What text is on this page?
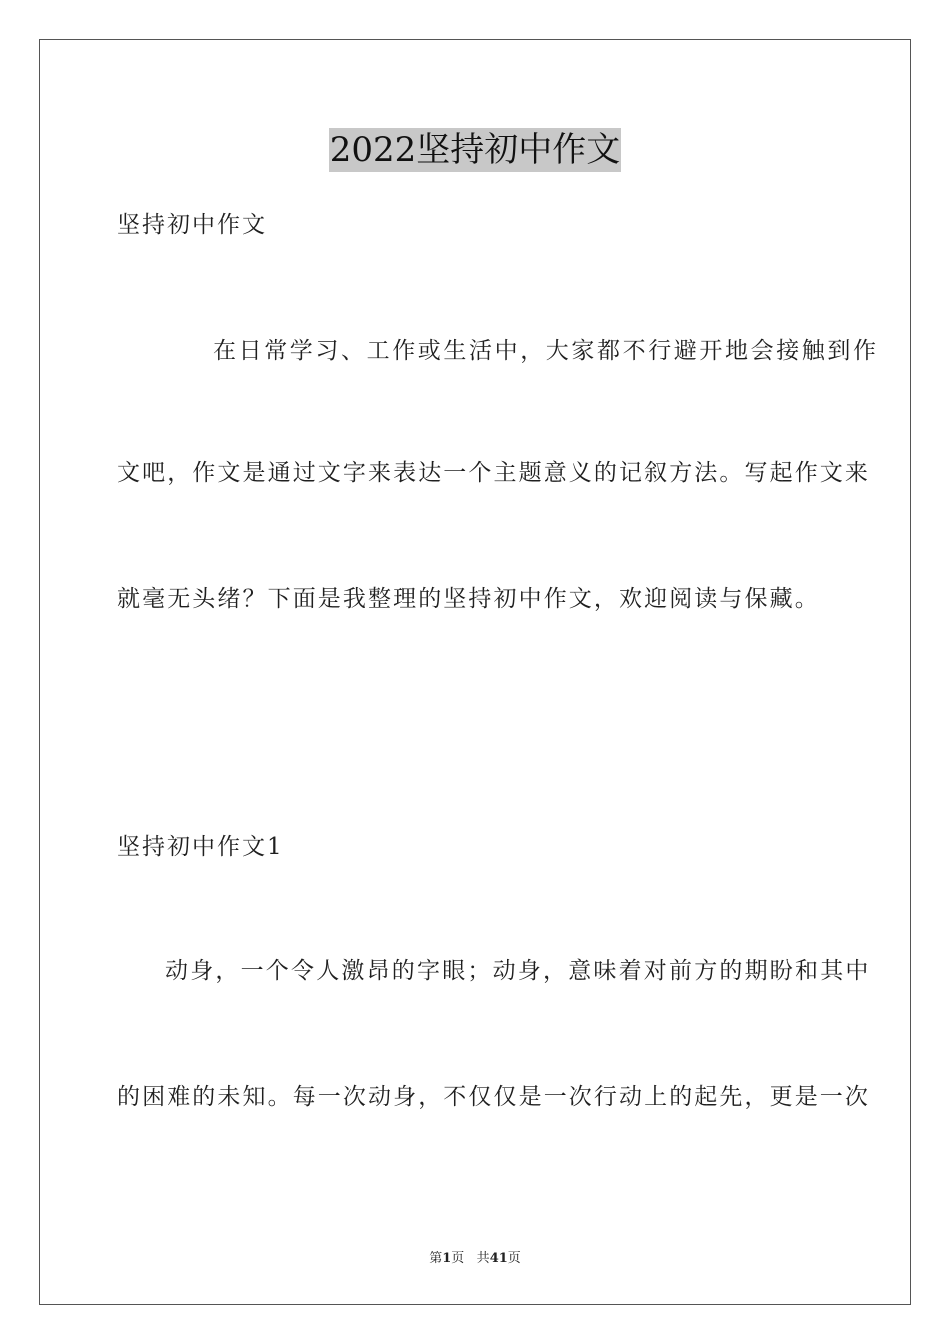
2022坚持初中作文
坚持初中作文
在日常学习、工作或生活中，大家都不行避开地会接触到作
文吧，作文是通过文字来表达一个主题意义的记叙方法。写起作文来
就毫无头绪？下面是我整理的坚持初中作文，欢迎阅读与保藏。
坚持初中作文1
动身，一个令人激昂的字眼；动身，意味着对前方的期盼和其中
的困难的未知。每一次动身，不仅仅是一次行动上的起先，更是一次
第1页 共41页
